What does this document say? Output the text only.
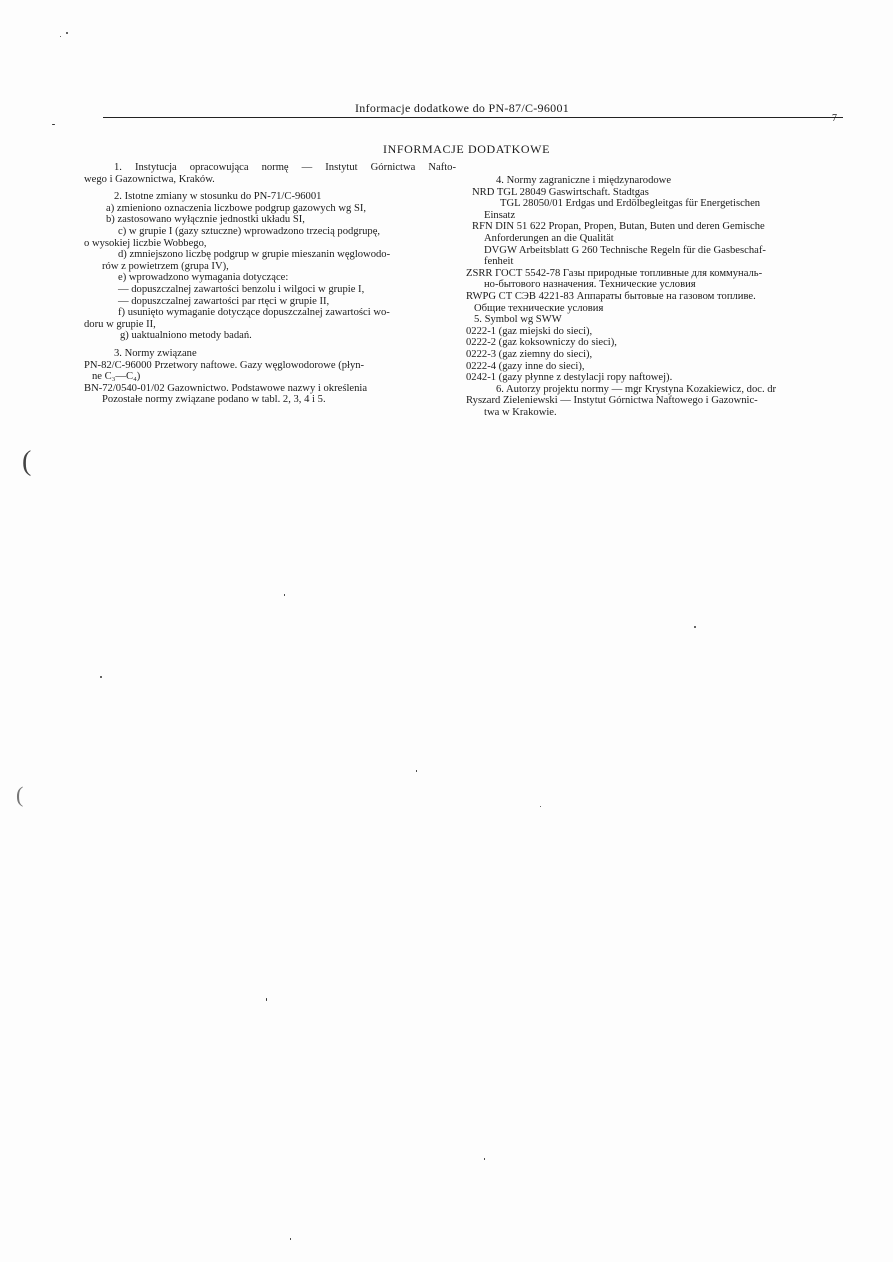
Informacje dodatkowe do PN-87/C-96001
7
INFORMACJE DODATKOWE
1. Instytucja opracowująca normę — Instytut Górnictwa Nafto-
wego i Gazownictwa, Kraków.
2. Istotne zmiany w stosunku do PN-71/C-96001
a) zmieniono oznaczenia liczbowe podgrup gazowych wg SI,
b) zastosowano wyłącznie jednostki układu SI,
c) w grupie I (gazy sztuczne) wprowadzono trzecią podgrupę,
o wysokiej liczbie Wobbego,
d) zmniejszono liczbę podgrup w grupie mieszanin węglowodo-
rów z powietrzem (grupa IV),
e) wprowadzono wymagania dotyczące:
— dopuszczalnej zawartości benzolu i wilgoci w grupie I,
— dopuszczalnej zawartości par rtęci w grupie II,
f) usunięto wymaganie dotyczące dopuszczalnej zawartości wo-
doru w grupie II,
g) uaktualniono metody badań.
3. Normy związane
PN-82/C-96000 Przetwory naftowe. Gazy węglowodorowe (płyn-
ne C₃—C₄)
BN-72/0540-01/02 Gazownictwo. Podstawowe nazwy i określenia
Pozostałe normy związane podano w tabl. 2, 3, 4 i 5.
4. Normy zagraniczne i międzynarodowe
NRD TGL 28049 Gaswirtschaft. Stadtgas
TGL 28050/01 Erdgas und Erdölbegleitgas für Energetischen
Einsatz
RFN DIN 51 622 Propan, Propen, Butan, Buten und deren Gemische
Anforderungen an die Qualität
DVGW Arbeitsblatt G 260 Technische Regeln für die Gasbeschaf-
fenheit
ZSRR ГОСТ 5542-78 Газы природные топливные для коммуналь-
но-бытового назначения. Технические условия
RWPG СТ СЭВ 4221-83 Аппараты бытовые на газовом топливе.
Общие технические условия
5. Symbol wg SWW
0222-1 (gaz miejski do sieci),
0222-2 (gaz koksowniczy do sieci),
0222-3 (gaz ziemny do sieci),
0222-4 (gazy inne do sieci),
0242-1 (gazy płynne z destylacji ropy naftowej).
6. Autorzy projektu normy — mgr Krystyna Kozakiewicz, doc. dr
Ryszard Zieleniewski — Instytut Górnictwa Naftowego i Gazownic-
twa w Krakowie.
(
(
